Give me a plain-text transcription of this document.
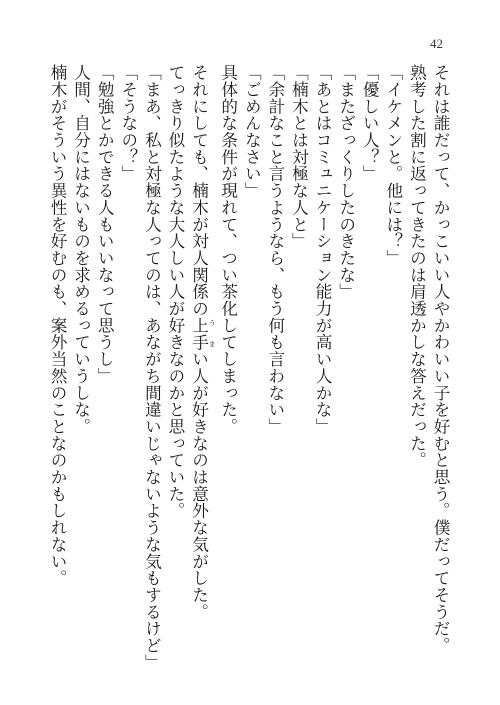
42

それは誰だって、かっこいい人やかわいい子を好むと思う。僕だってそうだ。

熟考した割に返ってきたのは肩透かしな答えだった。

「イケメンと。他には？」

「優しい人？」

「またざっくりしたのきたな」

「あとはコミュニケーション能力が高い人かな」

「楠木とは対極な人と」

「余計なこと言うようなら、もう何も言わない」

「ごめんなさい」

具体的な条件が現れて、つい茶化してしまった。

それにしても、楠木が対人関係の上手 う まい人が好きなのは意外な気がした。

てっきり似たような大人しい人が好きなのかと思っていた。

「まあ、私と対極な人ってのは、あながち間違いじゃないような気もするけど」

「そうなの？」

「勉強とかできる人もいいなって思うし」

人間、自分にはないものを求めるっていうしな。

楠木がそういう異性を好むのも、案外当然のことなのかもしれない。
